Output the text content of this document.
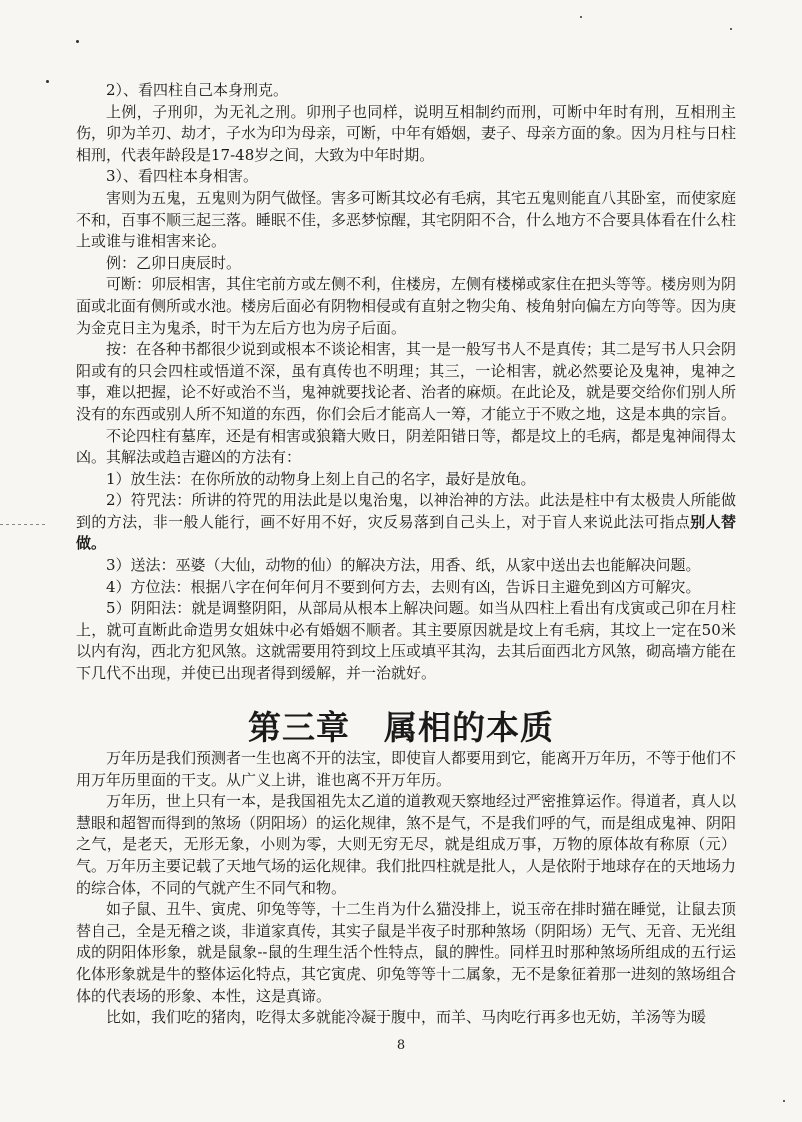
2）、看四柱自己本身刑克。

上例，子刑卯，为无礼之刑。卯刑子也同样，说明互相制约而刑，可断中年时有刑，互相刑主伤，卯为羊刃、劫才，子水为印为母亲，可断，中年有婚姻，妻子、母亲方面的象。因为月柱与日柱相刑，代表年龄段是17-48岁之间，大致为中年时期。

3）、看四柱本身相害。

害则为五鬼，五鬼则为阴气做怪。害多可断其坟必有毛病，其宅五鬼则能直八其卧室，而使家庭不和，百事不顺三起三落。睡眠不佳，多恶梦惊醒，其宅阴阳不合，什么地方不合要具体看在什么柱上或谁与谁相害来论。

例：乙卯日庚辰时。

可断：卯辰相害，其住宅前方或左侧不利，住楼房，左侧有楼梯或家住在把头等等。楼房则为阴面或北面有侧所或水池。楼房后面必有阴物相侵或有直射之物尖角、棱角射向偏左方向等等。因为庚为金克日主为鬼杀，时干为左后方也为房子后面。

按：在各种书都很少说到或根本不谈论相害，其一是一般写书人不是真传；其二是写书人只会阴阳或有的只会四柱或悟道不深，虽有真传也不明理；其三，一论相害，就必然要论及鬼神，鬼神之事，难以把握，论不好或治不当，鬼神就要找论者、治者的麻烦。在此论及，就是要交给你们别人所没有的东西或别人所不知道的东西，你们会后才能高人一筹，才能立于不败之地，这是本典的宗旨。

不论四柱有墓库，还是有相害或狼籍大败日，阴差阳错日等，都是坟上的毛病，都是鬼神闹得太凶。其解法或趋吉避凶的方法有：

1）放生法：在你所放的动物身上刻上自己的名字，最好是放龟。

2）符咒法：所讲的符咒的用法此是以鬼治鬼，以神治神的方法。此法是柱中有太极贵人所能做到的方法，非一般人能行，画不好用不好，灾反易落到自己头上，对于盲人来说此法可指点别人替做。

3）送法：巫婆（大仙，动物的仙）的解决方法，用香、纸，从家中送出去也能解决问题。

4）方位法：根据八字在何年何月不要到何方去，去则有凶，告诉日主避免到凶方可解灾。

5）阴阳法：就是调整阴阳，从部局从根本上解决问题。如当从四柱上看出有戊寅或己卯在月柱上，就可直断此命造男女姐妹中必有婚姻不顺者。其主要原因就是坟上有毛病，其坟上一定在50米以内有沟，西北方犯风煞。这就需要用符到坟上压或填平其沟，去其后面西北方风煞，砌高墙方能在下几代不出现，并使已出现者得到缓解，并一治就好。

第三章　属相的本质

万年历是我们预测者一生也离不开的法宝，即使盲人都要用到它，能离开万年历，不等于他们不用万年历里面的干支。从广义上讲，谁也离不开万年历。

万年历，世上只有一本，是我国祖先太乙道的道教观天察地经过严密推算运作。得道者，真人以慧眼和超智而得到的煞场（阴阳场）的运化规律，煞不是气，不是我们呼的气，而是组成鬼神、阴阳之气，是老天，无形无象，小则为零，大则无穷无尽，就是组成万事，万物的原体故有称原（元）气。万年历主要记载了天地气场的运化规律。我们批四柱就是批人，人是依附于地球存在的天地场力的综合体，不同的气就产生不同气和物。

如子鼠、丑牛、寅虎、卯兔等等，十二生肖为什么猫没排上，说玉帝在排时猫在睡觉，让鼠去顶替自己，全是无稽之谈，非道家真传，其实子鼠是半夜子时那种煞场（阴阳场）无气、无音、无光组成的阴阳体形象，就是鼠象--鼠的生理生活个性特点，鼠的脾性。同样丑时那种煞场所组成的五行运化体形象就是牛的整体运化特点，其它寅虎、卯兔等等十二属象，无不是象征着那一进刻的煞场组合体的代表场的形象、本性，这是真谛。

比如，我们吃的猪肉，吃得太多就能冷凝于腹中，而羊、马肉吃行再多也无妨，羊汤等为暖

8
